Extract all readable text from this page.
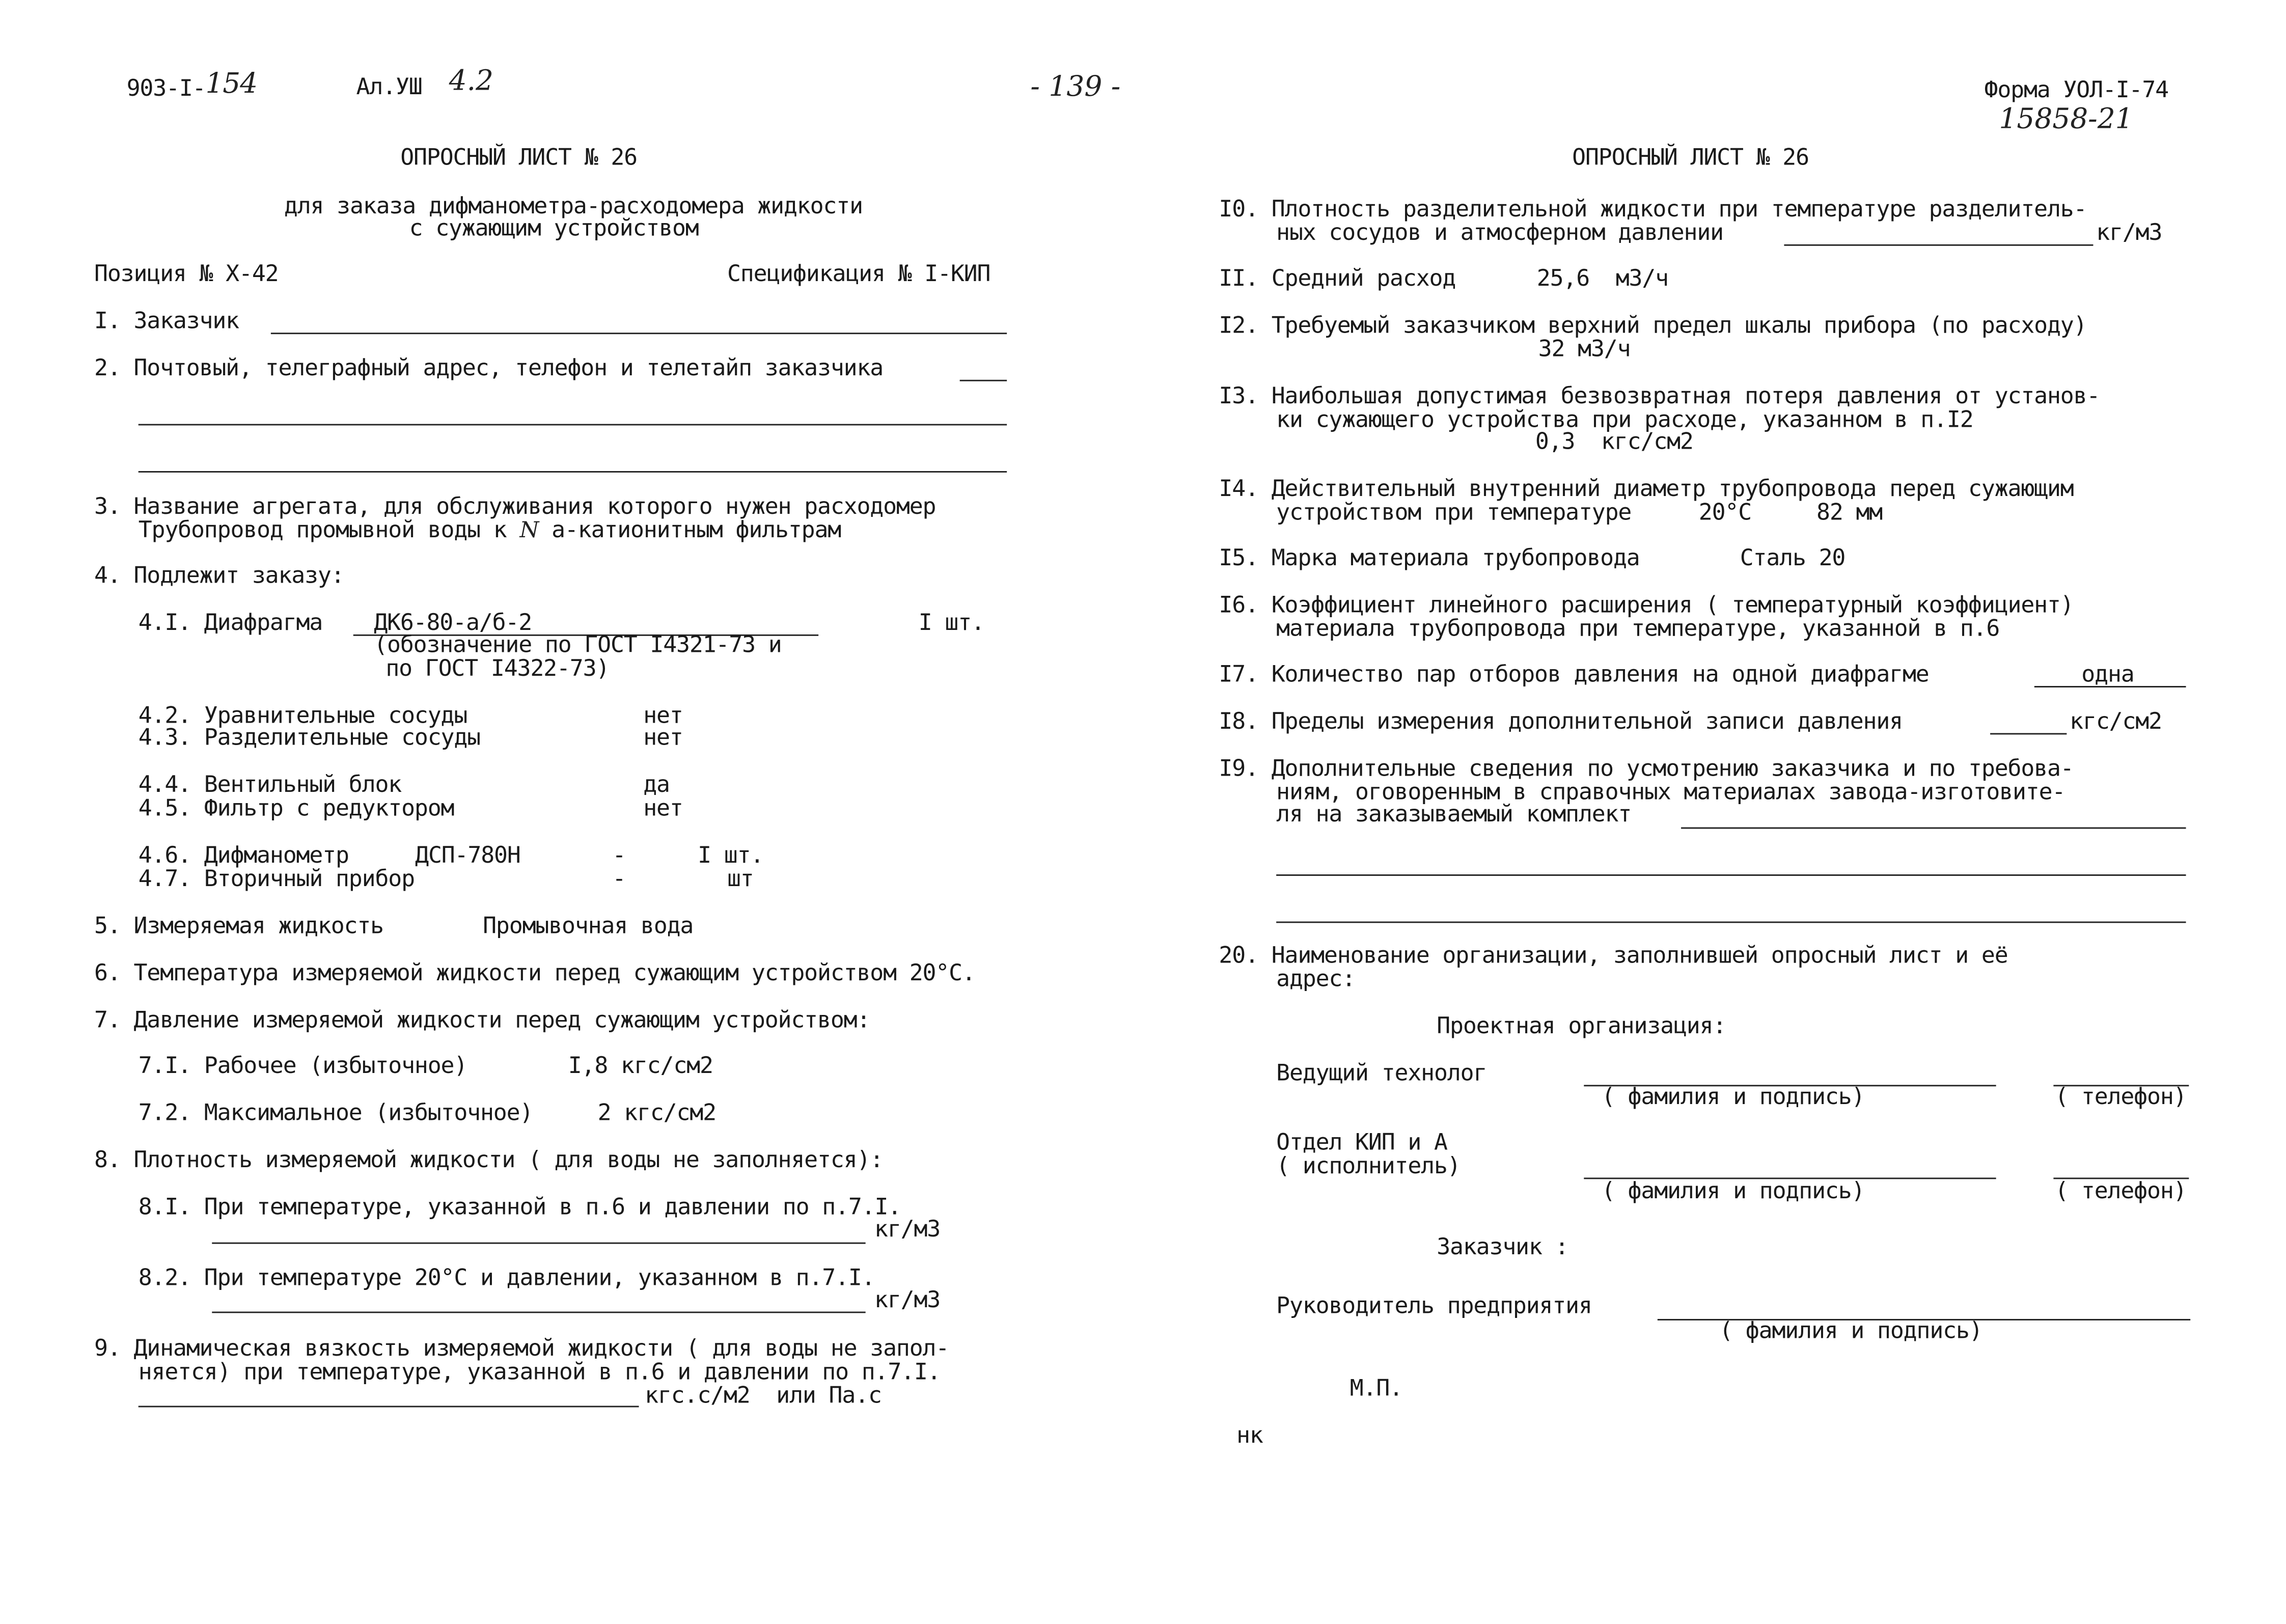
903-I-154	Ал.УШ	4.2	- 139 -	Форма УОЛ-I-74
15858-21
ОПРОСНЫЙ ЛИСТ № 26
для заказа дифманометра-расходомера жидкости
с сужающим устройством
Позиция № Х-42	Спецификация № I-КИП
I. Заказчик
2. Почтовый, телеграфный адрес, телефон и телетайп заказчика
3. Название агрегата, для обслуживания которого нужен расходомер
Трубопровод промывной воды к N а-катионитным фильтрам
4. Подлежит заказу:
4.I. Диафрагма	ДК6-80-а/б-2	I шт.
(обозначение по ГОСТ I4321-73 и
по ГОСТ I4322-73)
4.2. Уравнительные сосуды	нет
4.3. Разделительные сосуды	нет
4.4. Вентильный блок	да
4.5. Фильтр с редуктором	нет
4.6. Дифманометр	ДСП-780Н	-	I шт.
4.7. Вторичный прибор	-	шт
5. Измеряемая жидкость	Промывочная вода
6. Температура измеряемой жидкости перед сужающим устройством 20°С.
7. Давление измеряемой жидкости перед сужающим устройством:
7.I. Рабочее (избыточное)	I,8 кгс/см2
7.2. Максимальное (избыточное)	2 кгс/см2
8. Плотность измеряемой жидкости ( для воды не заполняется):
8.I. При температуре, указанной в п.6 и давлении по п.7.I.
кг/м3
8.2. При температуре 20°С и давлении, указанном в п.7.I.
кг/м3
9. Динамическая вязкость измеряемой жидкости ( для воды не запол-
няется) при температуре, указанной в п.6 и давлении по п.7.I.
кгс.с/м2  или Па.с
ОПРОСНЫЙ ЛИСТ № 26
I0. Плотность разделительной жидкости при температуре разделитель-
ных сосудов и атмосферном давлении	кг/м3
II. Средний расход	25,6  м3/ч
I2. Требуемый заказчиком верхний предел шкалы прибора (по расходу)
32 м3/ч
I3. Наибольшая допустимая безвозвратная потеря давления от установ-
ки сужающего устройства при расходе, указанном в п.I2
0,3  кгс/см2
I4. Действительный внутренний диаметр трубопровода перед сужающим
устройством при температуре	20°С	82 мм
I5. Марка материала трубопровода	Сталь 20
I6. Коэффициент линейного расширения ( температурный коэффициент)
материала трубопровода при температуре, указанной в п.6
I7. Количество пар отборов давления на одной диафрагме	одна
I8. Пределы измерения дополнительной записи давления	кгс/см2
I9. Дополнительные сведения по усмотрению заказчика и по требова-
ниям, оговоренным в справочных материалах завода-изготовите-
ля на заказываемый комплект
20. Наименование организации, заполнившей опросный лист и её
адрес:
Проектная организация:
Ведущий технолог
( фамилия и подпись)	( телефон)
Отдел КИП и А
( исполнитель)
( фамилия и подпись)	( телефон)
Заказчик :
Руководитель предприятия
( фамилия и подпись)
М.П.
нк
